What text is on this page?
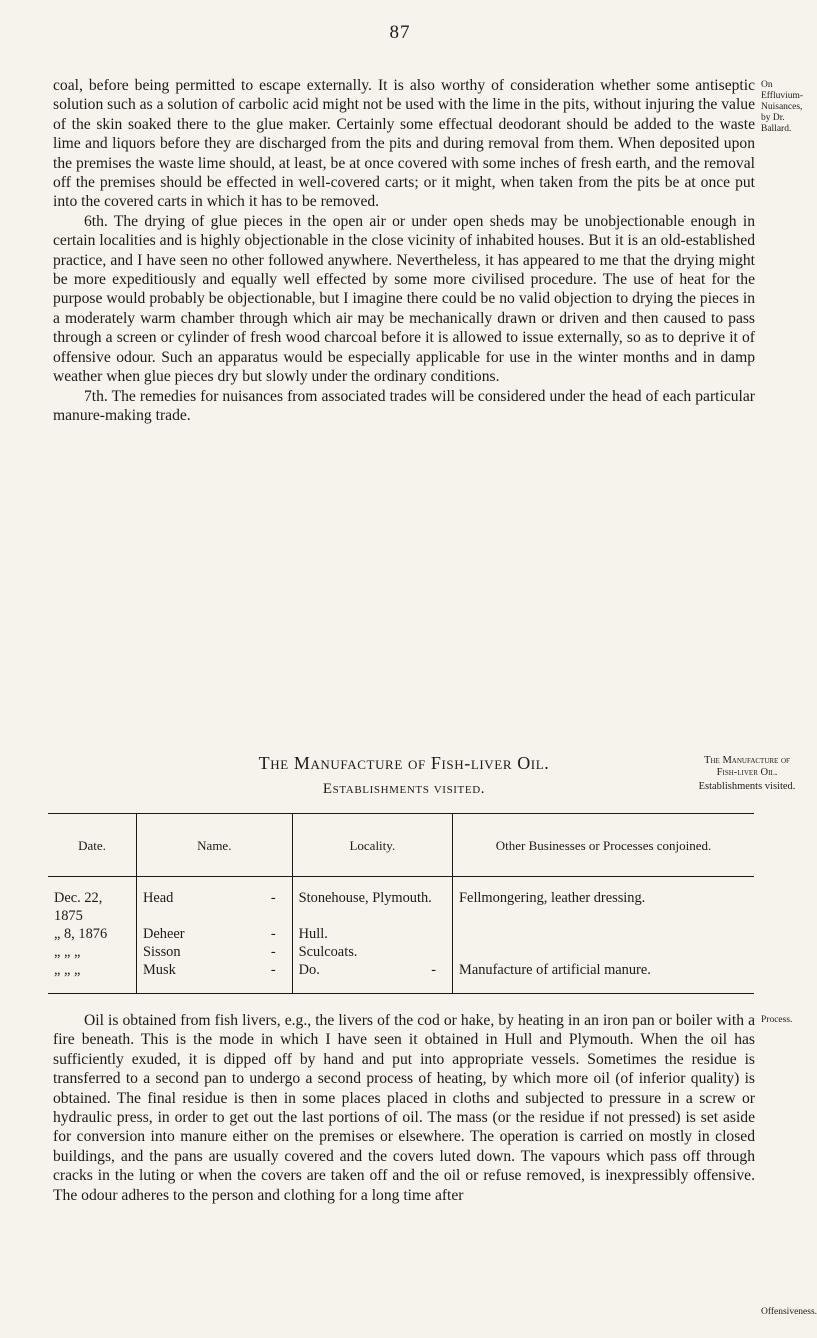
87
On Effluvium-Nuisances, by Dr. Ballard.

coal, before being permitted to escape externally. It is also worthy of consideration whether some antiseptic solution such as a solution of carbolic acid might not be used with the lime in the pits, without injuring the value of the skin soaked there to the glue maker. Certainly some effectual deodorant should be added to the waste lime and liquors before they are discharged from the pits and during removal from them. When deposited upon the premises the waste lime should, at least, be at once covered with some inches of fresh earth, and the removal off the premises should be effected in well-covered carts; or it might, when taken from the pits be at once put into the covered carts in which it has to be removed.

6th. The drying of glue pieces in the open air or under open sheds may be unobjectionable enough in certain localities and is highly objectionable in the close vicinity of inhabited houses. But it is an old-established practice, and I have seen no other followed anywhere. Nevertheless, it has appeared to me that the drying might be more expeditiously and equally well effected by some more civilised procedure. The use of heat for the purpose would probably be objectionable, but I imagine there could be no valid objection to drying the pieces in a moderately warm chamber through which air may be mechanically drawn or driven and then caused to pass through a screen or cylinder of fresh wood charcoal before it is allowed to issue externally, so as to deprive it of offensive odour. Such an apparatus would be especially applicable for use in the winter months and in damp weather when glue pieces dry but slowly under the ordinary conditions.

7th. The remedies for nuisances from associated trades will be considered under the head of each particular manure-making trade.

The Manufacture of Fish-liver Oil.
Establishments visited.
The Manufacture of Fish-liver Oil.
Establishments visited.
Date.	Name.	Locality.	Other Businesses or Processes conjoined.
Dec. 22, 1875	Head -	Stonehouse, Plymouth.	Fellmongering, leather dressing.
„ 8, 1876	Deheer -	Hull.	
„ „ „	Sisson -	Sculcoats.	
„ „ „	Musk -	Do. -	Manufacture of artificial manure.
Process.

Oil is obtained from fish livers, e.g., the livers of the cod or hake, by heating in an iron pan or boiler with a fire beneath. This is the mode in which I have seen it obtained in Hull and Plymouth. When the oil has sufficiently exuded, it is dipped off by hand and put into appropriate vessels. Sometimes the residue is transferred to a second pan to undergo a second process of heating, by which more oil (of inferior quality) is obtained. The final residue is then in some places placed in cloths and subjected to pressure in a screw or hydraulic press, in order to get out the last portions of oil. The mass (or the residue if not pressed) is set aside for conversion into manure either on the premises or elsewhere. The operation is carried on mostly in closed buildings, and the pans are usually covered and the covers luted down. The vapours which pass off through cracks in the luting or when the covers are taken off and the oil or refuse removed, is inexpressibly offensive. The odour adheres to the person and clothing for a long time after

Offensiveness.
